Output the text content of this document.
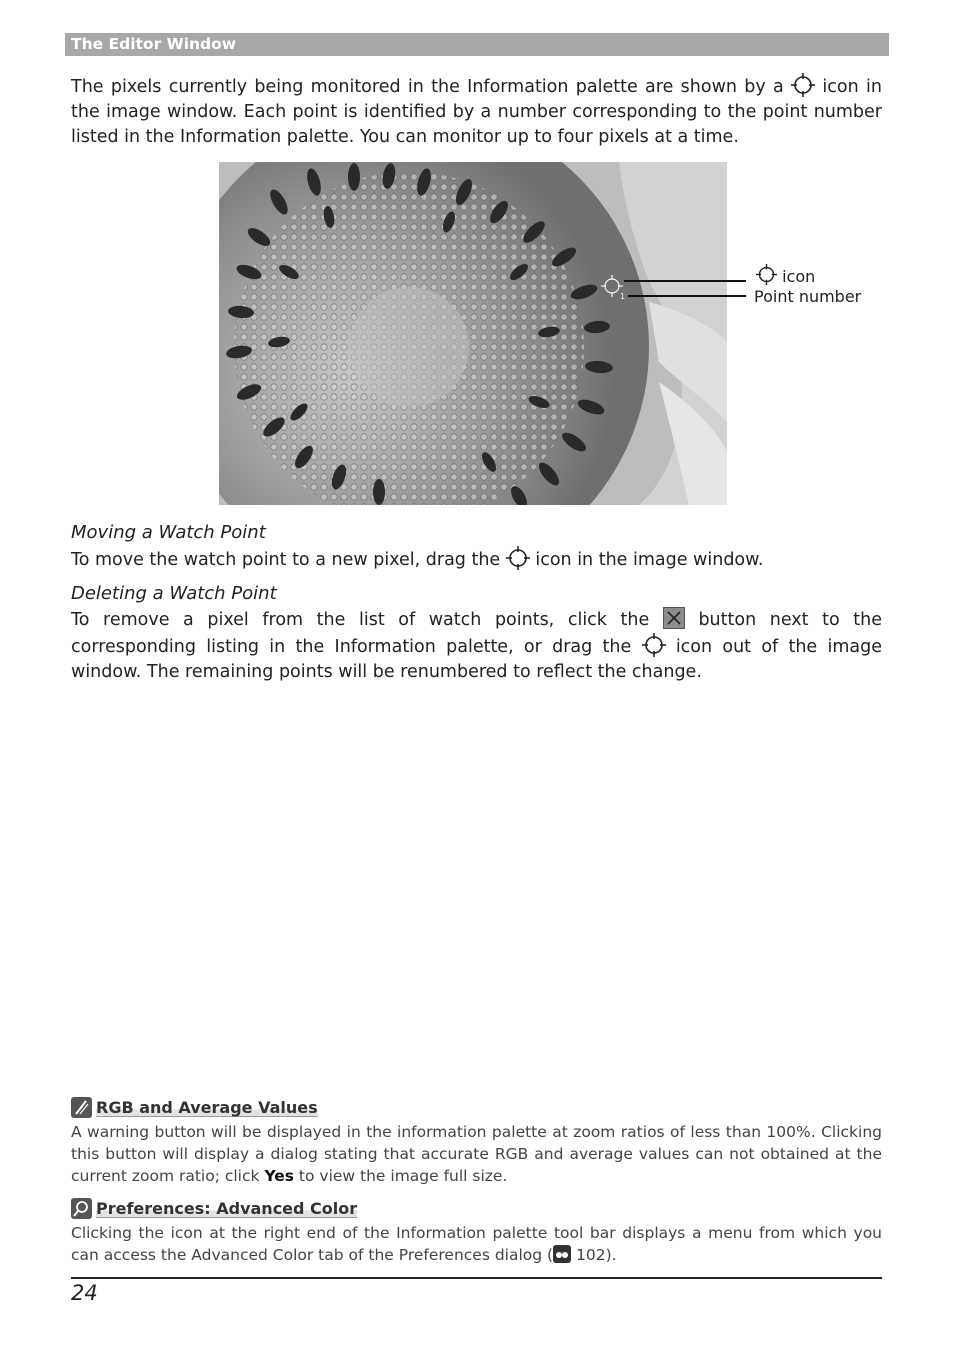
The Editor Window
The pixels currently being monitored in the Information palette are shown by a icon in the image window. Each point is identified by a number corresponding to the point number listed in the Information palette. You can monitor up to four pixels at a time.
1
icon
Point number
Moving a Watch Point
To move the watch point to a new pixel, drag the icon in the image window.
Deleting a Watch Point
To remove a pixel from the list of watch points, click the	button next to the corresponding listing in the Information palette, or drag the	icon out of the image window. The remaining points will be renumbered to reflect the change.
RGB and Average Values
A warning button will be displayed in the information palette at zoom ratios of less than 100%. Clicking this button will display a dialog stating that accurate RGB and average values can not obtained at the current zoom ratio; click Yes to view the image full size.
Preferences: Advanced Color
Clicking the icon at the right end of the Information palette tool bar displays a menu from which you can access the Advanced Color tab of the Preferences dialog ( 102).
24
